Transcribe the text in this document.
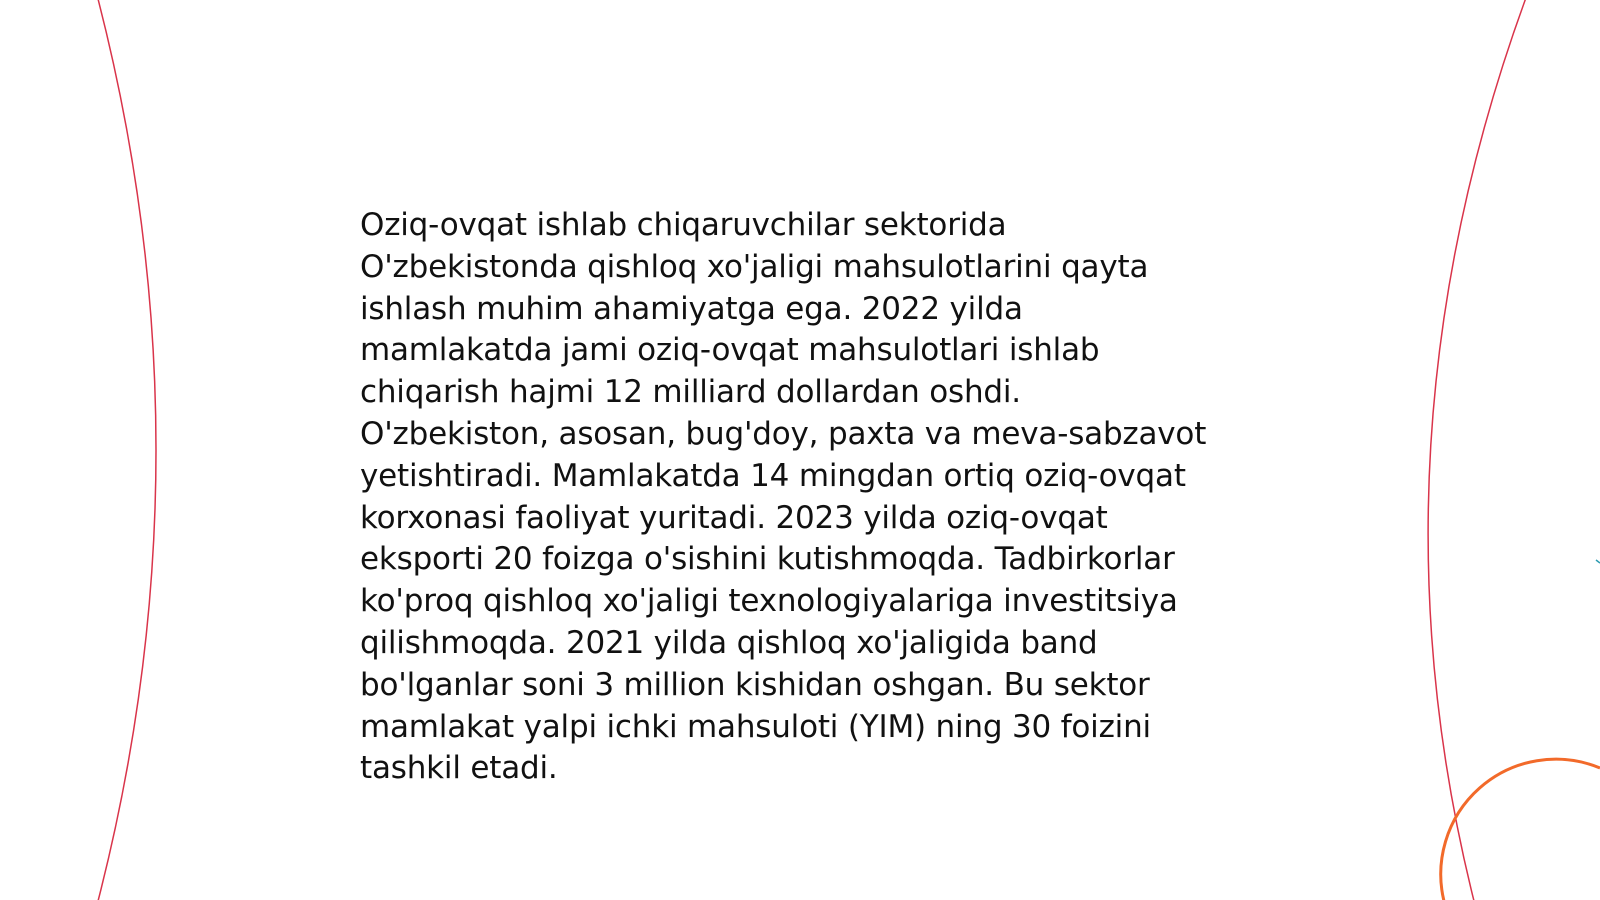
Oziq-ovqat ishlab chiqaruvchilar sektorida
O'zbekistonda qishloq xo'jaligi mahsulotlarini qayta
ishlash muhim ahamiyatga ega. 2022 yilda
mamlakatda jami oziq-ovqat mahsulotlari ishlab
chiqarish hajmi 12 milliard dollardan oshdi.
O'zbekiston, asosan, bug'doy, paxta va meva-sabzavot
yetishtiradi. Mamlakatda 14 mingdan ortiq oziq-ovqat
korxonasi faoliyat yuritadi. 2023 yilda oziq-ovqat
eksporti 20 foizga o'sishini kutishmoqda. Tadbirkorlar
ko'proq qishloq xo'jaligi texnologiyalariga investitsiya
qilishmoqda. 2021 yilda qishloq xo'jaligida band
bo'lganlar soni 3 million kishidan oshgan. Bu sektor
mamlakat yalpi ichki mahsuloti (YIM) ning 30 foizini
tashkil etadi.
